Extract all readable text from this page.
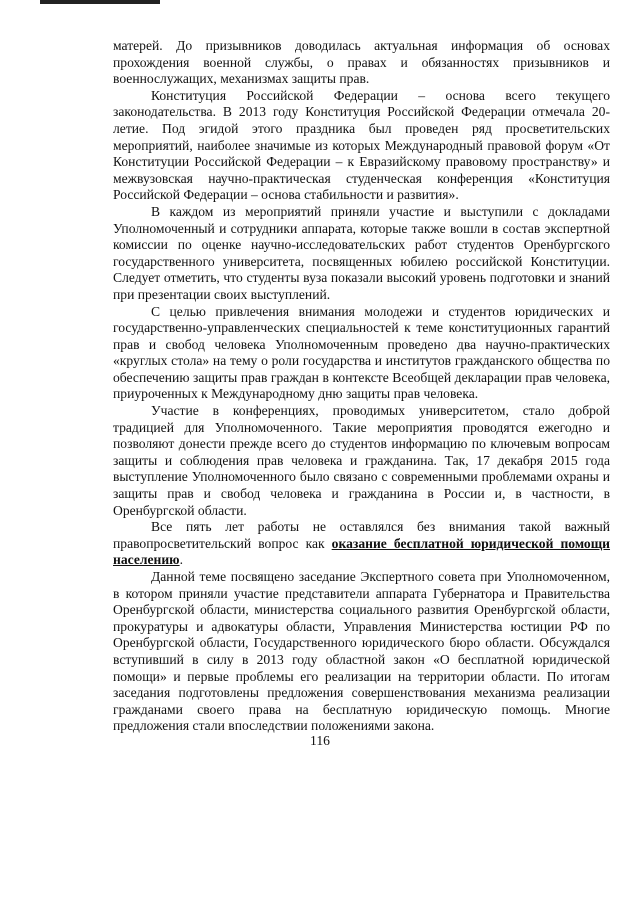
матерей. До призывников доводилась актуальная информация об основах прохождения военной службы, о правах и обязанностях призывников и военнослужащих, механизмах защиты прав.

Конституция Российской Федерации – основа всего текущего законодательства. В 2013 году Конституция Российской Федерации отмечала 20-летие. Под эгидой этого праздника был проведен ряд просветительских мероприятий, наиболее значимые из которых Международный правовой форум «От Конституции Российской Федерации – к Евразийскому правовому пространству» и межвузовская научно-практическая студенческая конференция «Конституция Российской Федерации – основа стабильности и развития».

В каждом из мероприятий приняли участие и выступили с докладами Уполномоченный и сотрудники аппарата, которые также вошли в состав экспертной комиссии по оценке научно-исследовательских работ студентов Оренбургского государственного университета, посвященных юбилею российской Конституции. Следует отметить, что студенты вуза показали высокий уровень подготовки и знаний при презентации своих выступлений.

С целью привлечения внимания молодежи и студентов юридических и государственно-управленческих специальностей к теме конституционных гарантий прав и свобод человека Уполномоченным проведено два научно-практических «круглых стола» на тему о роли государства и институтов гражданского общества по обеспечению защиты прав граждан в контексте Всеобщей декларации прав человека, приуроченных к Международному дню защиты прав человека.

Участие в конференциях, проводимых университетом, стало доброй традицией для Уполномоченного. Такие мероприятия проводятся ежегодно и позволяют донести прежде всего до студентов информацию по ключевым вопросам защиты и соблюдения прав человека и гражданина. Так, 17 декабря 2015 года выступление Уполномоченного было связано с современными проблемами охраны и защиты прав и свобод человека и гражданина в России и, в частности, в Оренбургской области.

Все пять лет работы не оставлялся без внимания такой важный правопросветительский вопрос как оказание бесплатной юридической помощи населению.

Данной теме посвящено заседание Экспертного совета при Уполномоченном, в котором приняли участие представители аппарата Губернатора и Правительства Оренбургской области, министерства социального развития Оренбургской области, прокуратуры и адвокатуры области, Управления Министерства юстиции РФ по Оренбургской области, Государственного юридического бюро области. Обсуждался вступивший в силу в 2013 году областной закон «О бесплатной юридической помощи» и первые проблемы его реализации на территории области. По итогам заседания подготовлены предложения совершенствования механизма реализации гражданами своего права на бесплатную юридическую помощь. Многие предложения стали впоследствии положениями закона.

116
